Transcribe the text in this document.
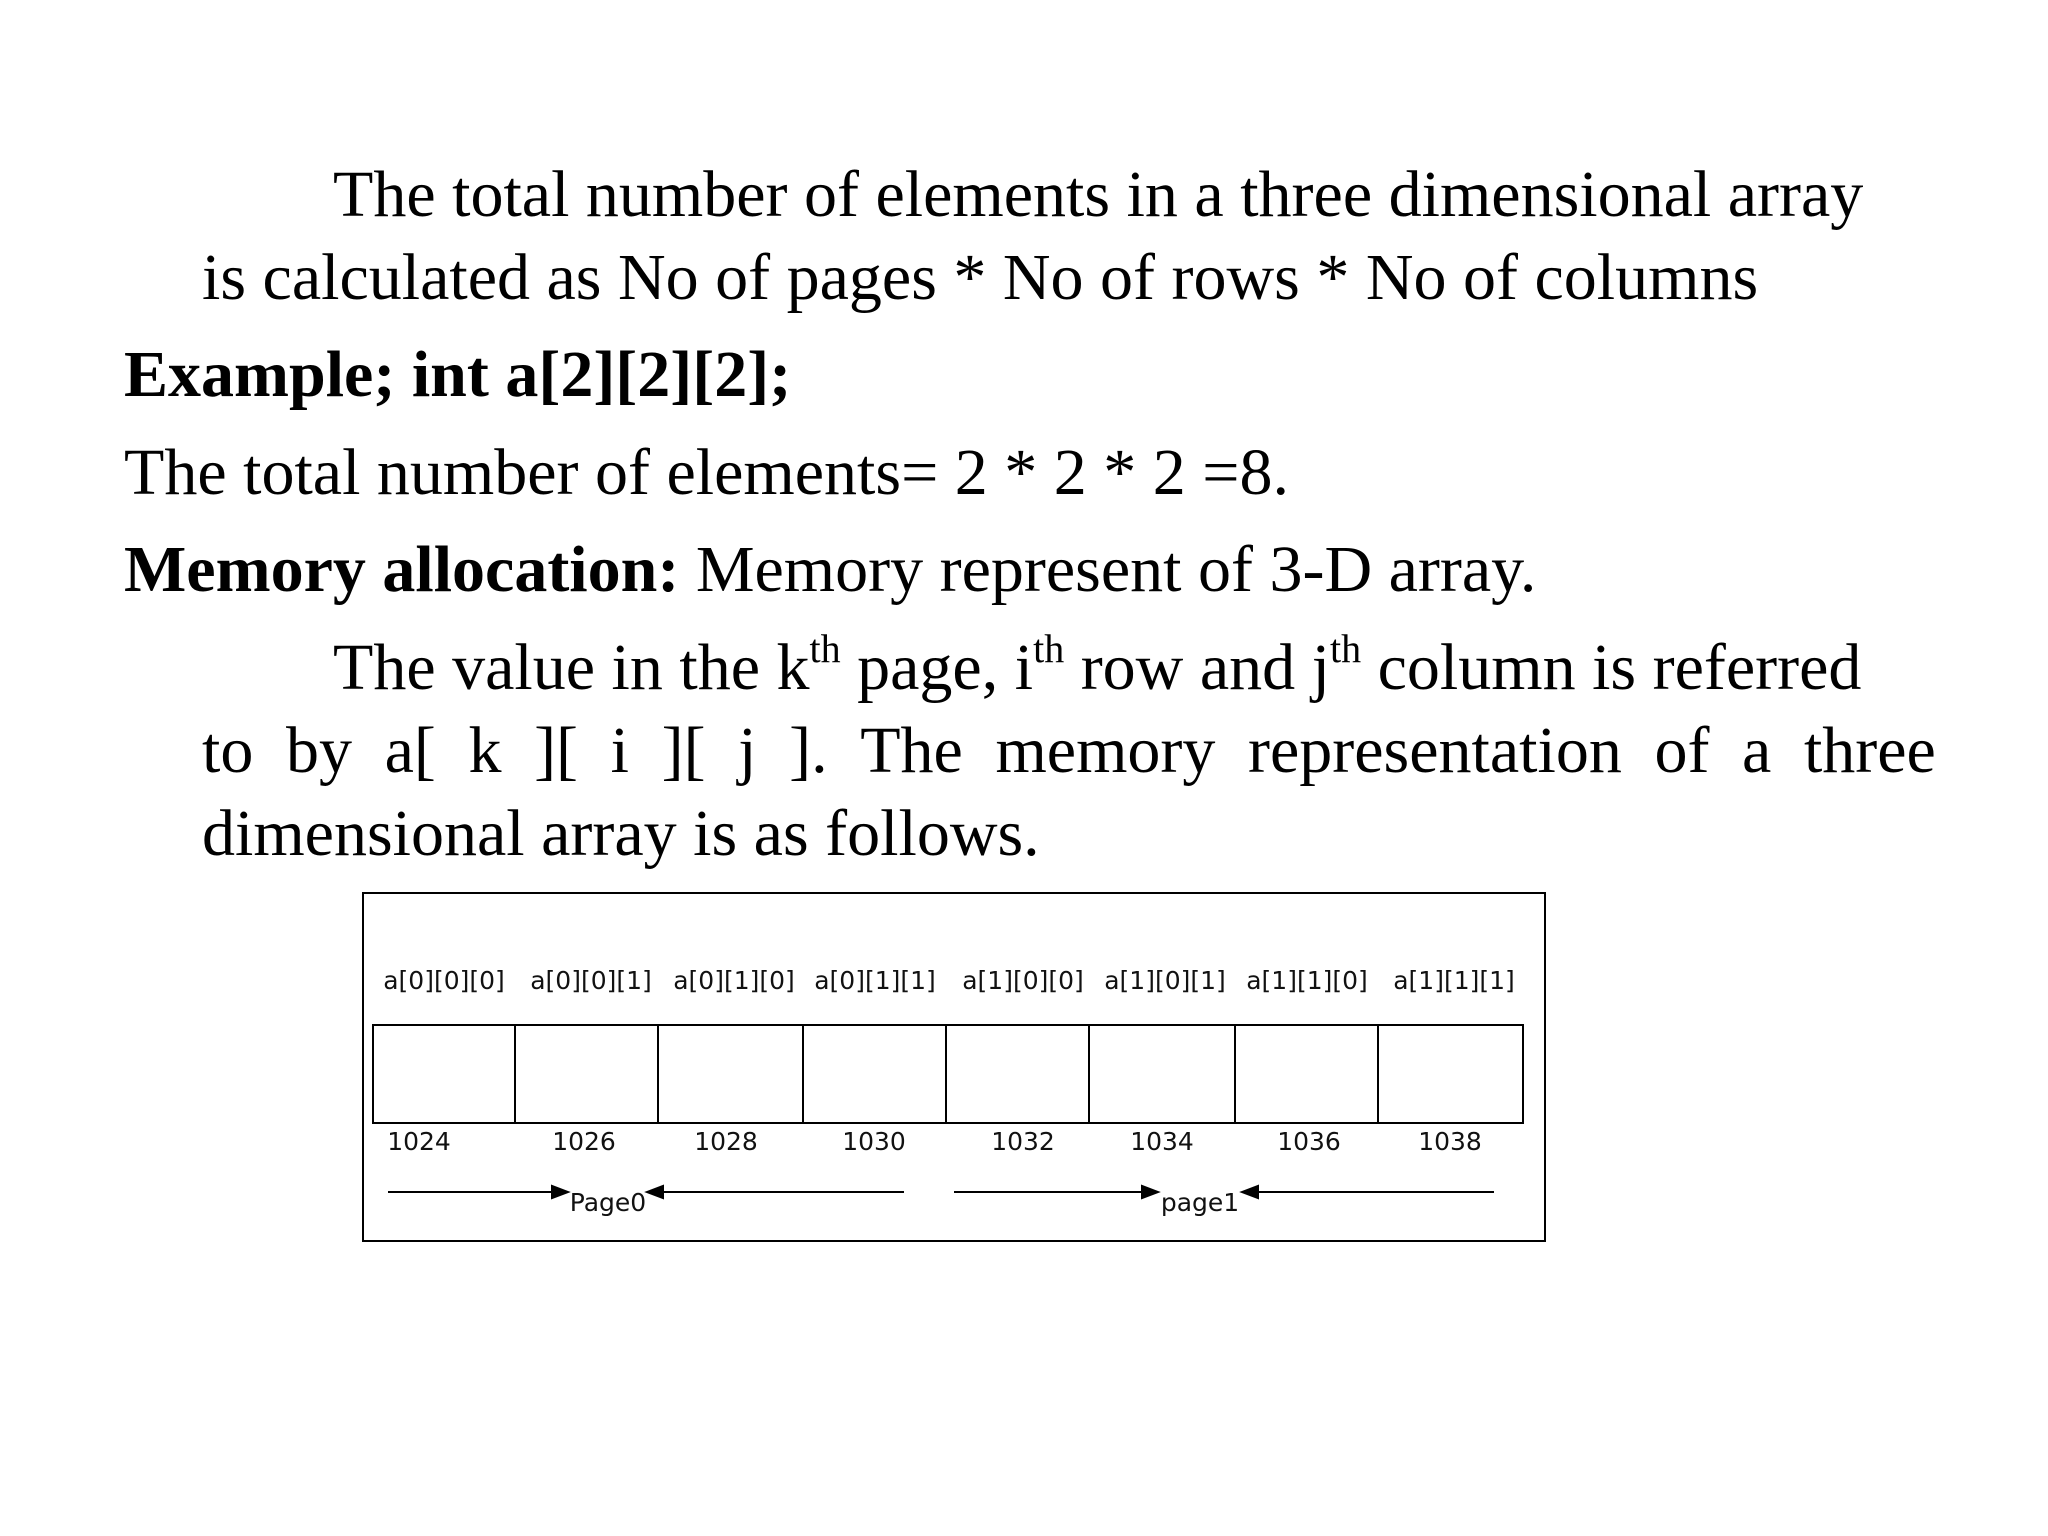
The total number of elements in a three dimensional array
is calculated as No of pages * No of rows * No of columns
Example; int a[2][2][2];
The total number of elements= 2 * 2 * 2 =8.
Memory allocation: Memory represent of 3-D array.
The value in the $k^{th}$ page, $i^{th}$ row and $j^{th}$ column is referred
to by a[ k ][ i ][ j ]. The memory representation of a three
dimensional array is as follows.
a[0][0][0] a[0][0][1] a[0][1][0] a[0][1][1] a[1][0][0] a[1][0][1] a[1][1][0] a[1][1][1]
1024	1026	1028	1030	1032	1034	1036	1038
Page0	page1
